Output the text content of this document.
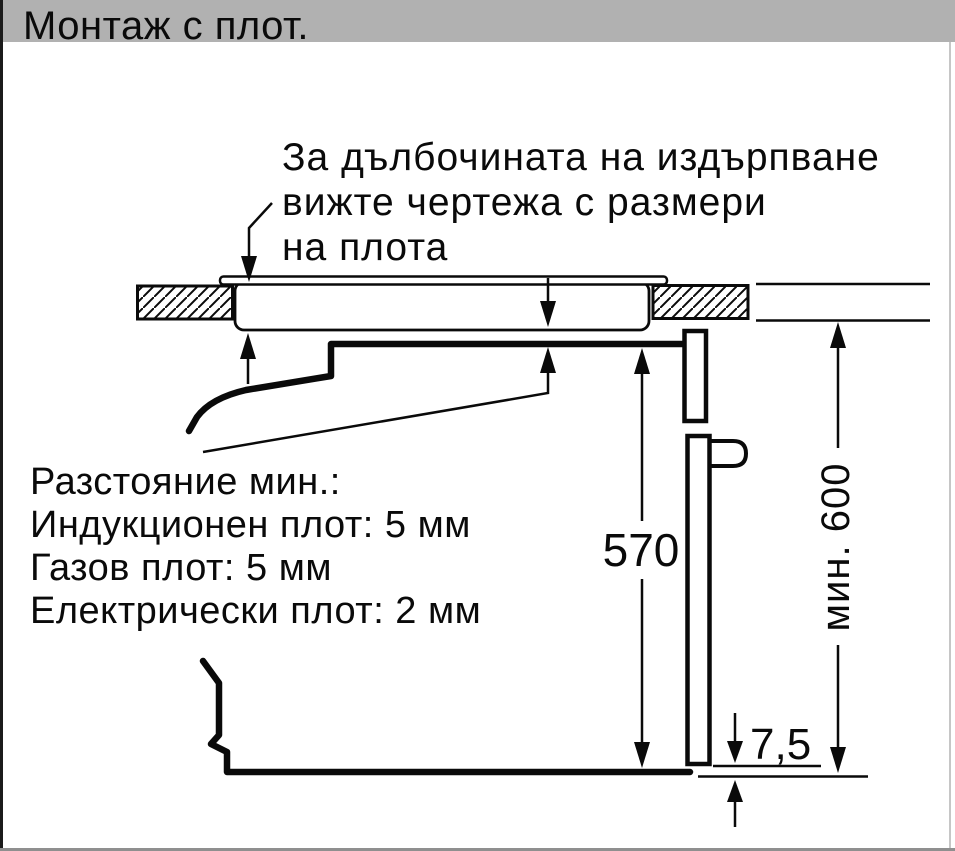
Монтаж с плот.
570	мин. 600
7,5
За дълбочината на издърпване
вижте чертежа с размери
на плота
Разстояние мин.:
Индукционен плот: 5 мм
Газов плот: 5 мм
Електрически плот: 2 мм
